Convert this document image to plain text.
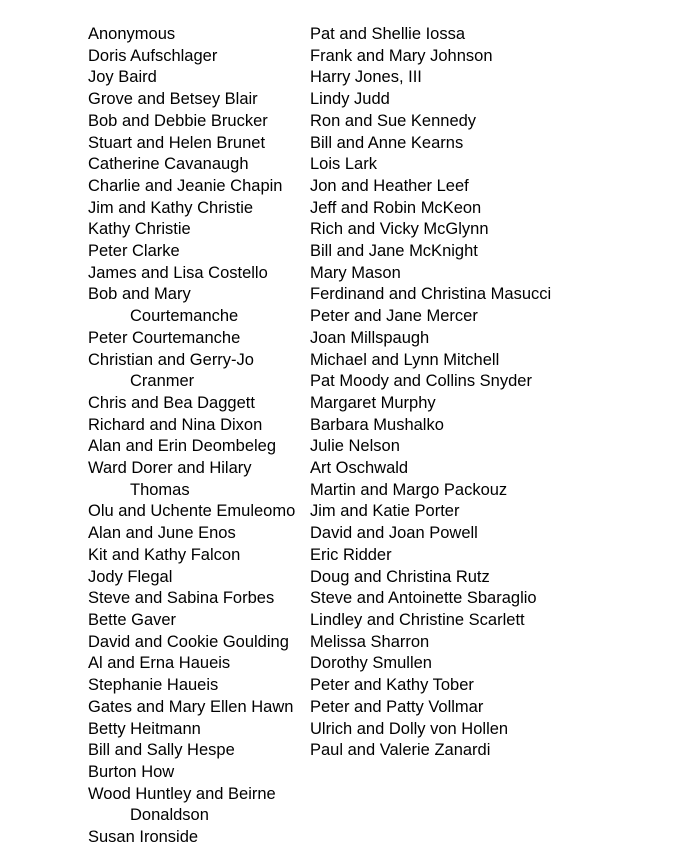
Anonymous
Doris Aufschlager
Joy Baird
Grove and Betsey Blair
Bob and Debbie Brucker
Stuart and Helen Brunet
Catherine Cavanaugh
Charlie and Jeanie Chapin
Jim and Kathy Christie
Kathy Christie
Peter Clarke
James and Lisa Costello
Bob and Mary Courtemanche
Peter Courtemanche
Christian and Gerry-Jo Cranmer
Chris and Bea Daggett
Richard and Nina Dixon
Alan and Erin Deombeleg
Ward Dorer and Hilary Thomas
Olu and Uchente Emuleomo
Alan and June Enos
Kit and Kathy Falcon
Jody Flegal
Steve and Sabina Forbes
Bette Gaver
David and Cookie Goulding
Al and Erna Haueis
Stephanie Haueis
Gates and Mary Ellen Hawn
Betty Heitmann
Bill and Sally Hespe
Burton How
Wood Huntley and Beirne Donaldson
Susan Ironside
Pat and Shellie Iossa
Frank and Mary Johnson
Harry Jones, III
Lindy Judd
Ron and Sue Kennedy
Bill and Anne Kearns
Lois Lark
Jon and Heather Leef
Jeff and Robin McKeon
Rich and Vicky McGlynn
Bill and Jane McKnight
Mary Mason
Ferdinand and Christina Masucci
Peter and Jane Mercer
Joan Millspaugh
Michael and Lynn Mitchell
Pat Moody and Collins Snyder
Margaret Murphy
Barbara Mushalko
Julie Nelson
Art Oschwald
Martin and Margo Packouz
Jim and Katie Porter
David and Joan Powell
Eric Ridder
Doug and Christina Rutz
Steve and Antoinette Sbaraglio
Lindley and Christine Scarlett
Melissa Sharron
Dorothy Smullen
Peter and Kathy Tober
Peter and Patty Vollmar
Ulrich and Dolly von Hollen
Paul and Valerie Zanardi
